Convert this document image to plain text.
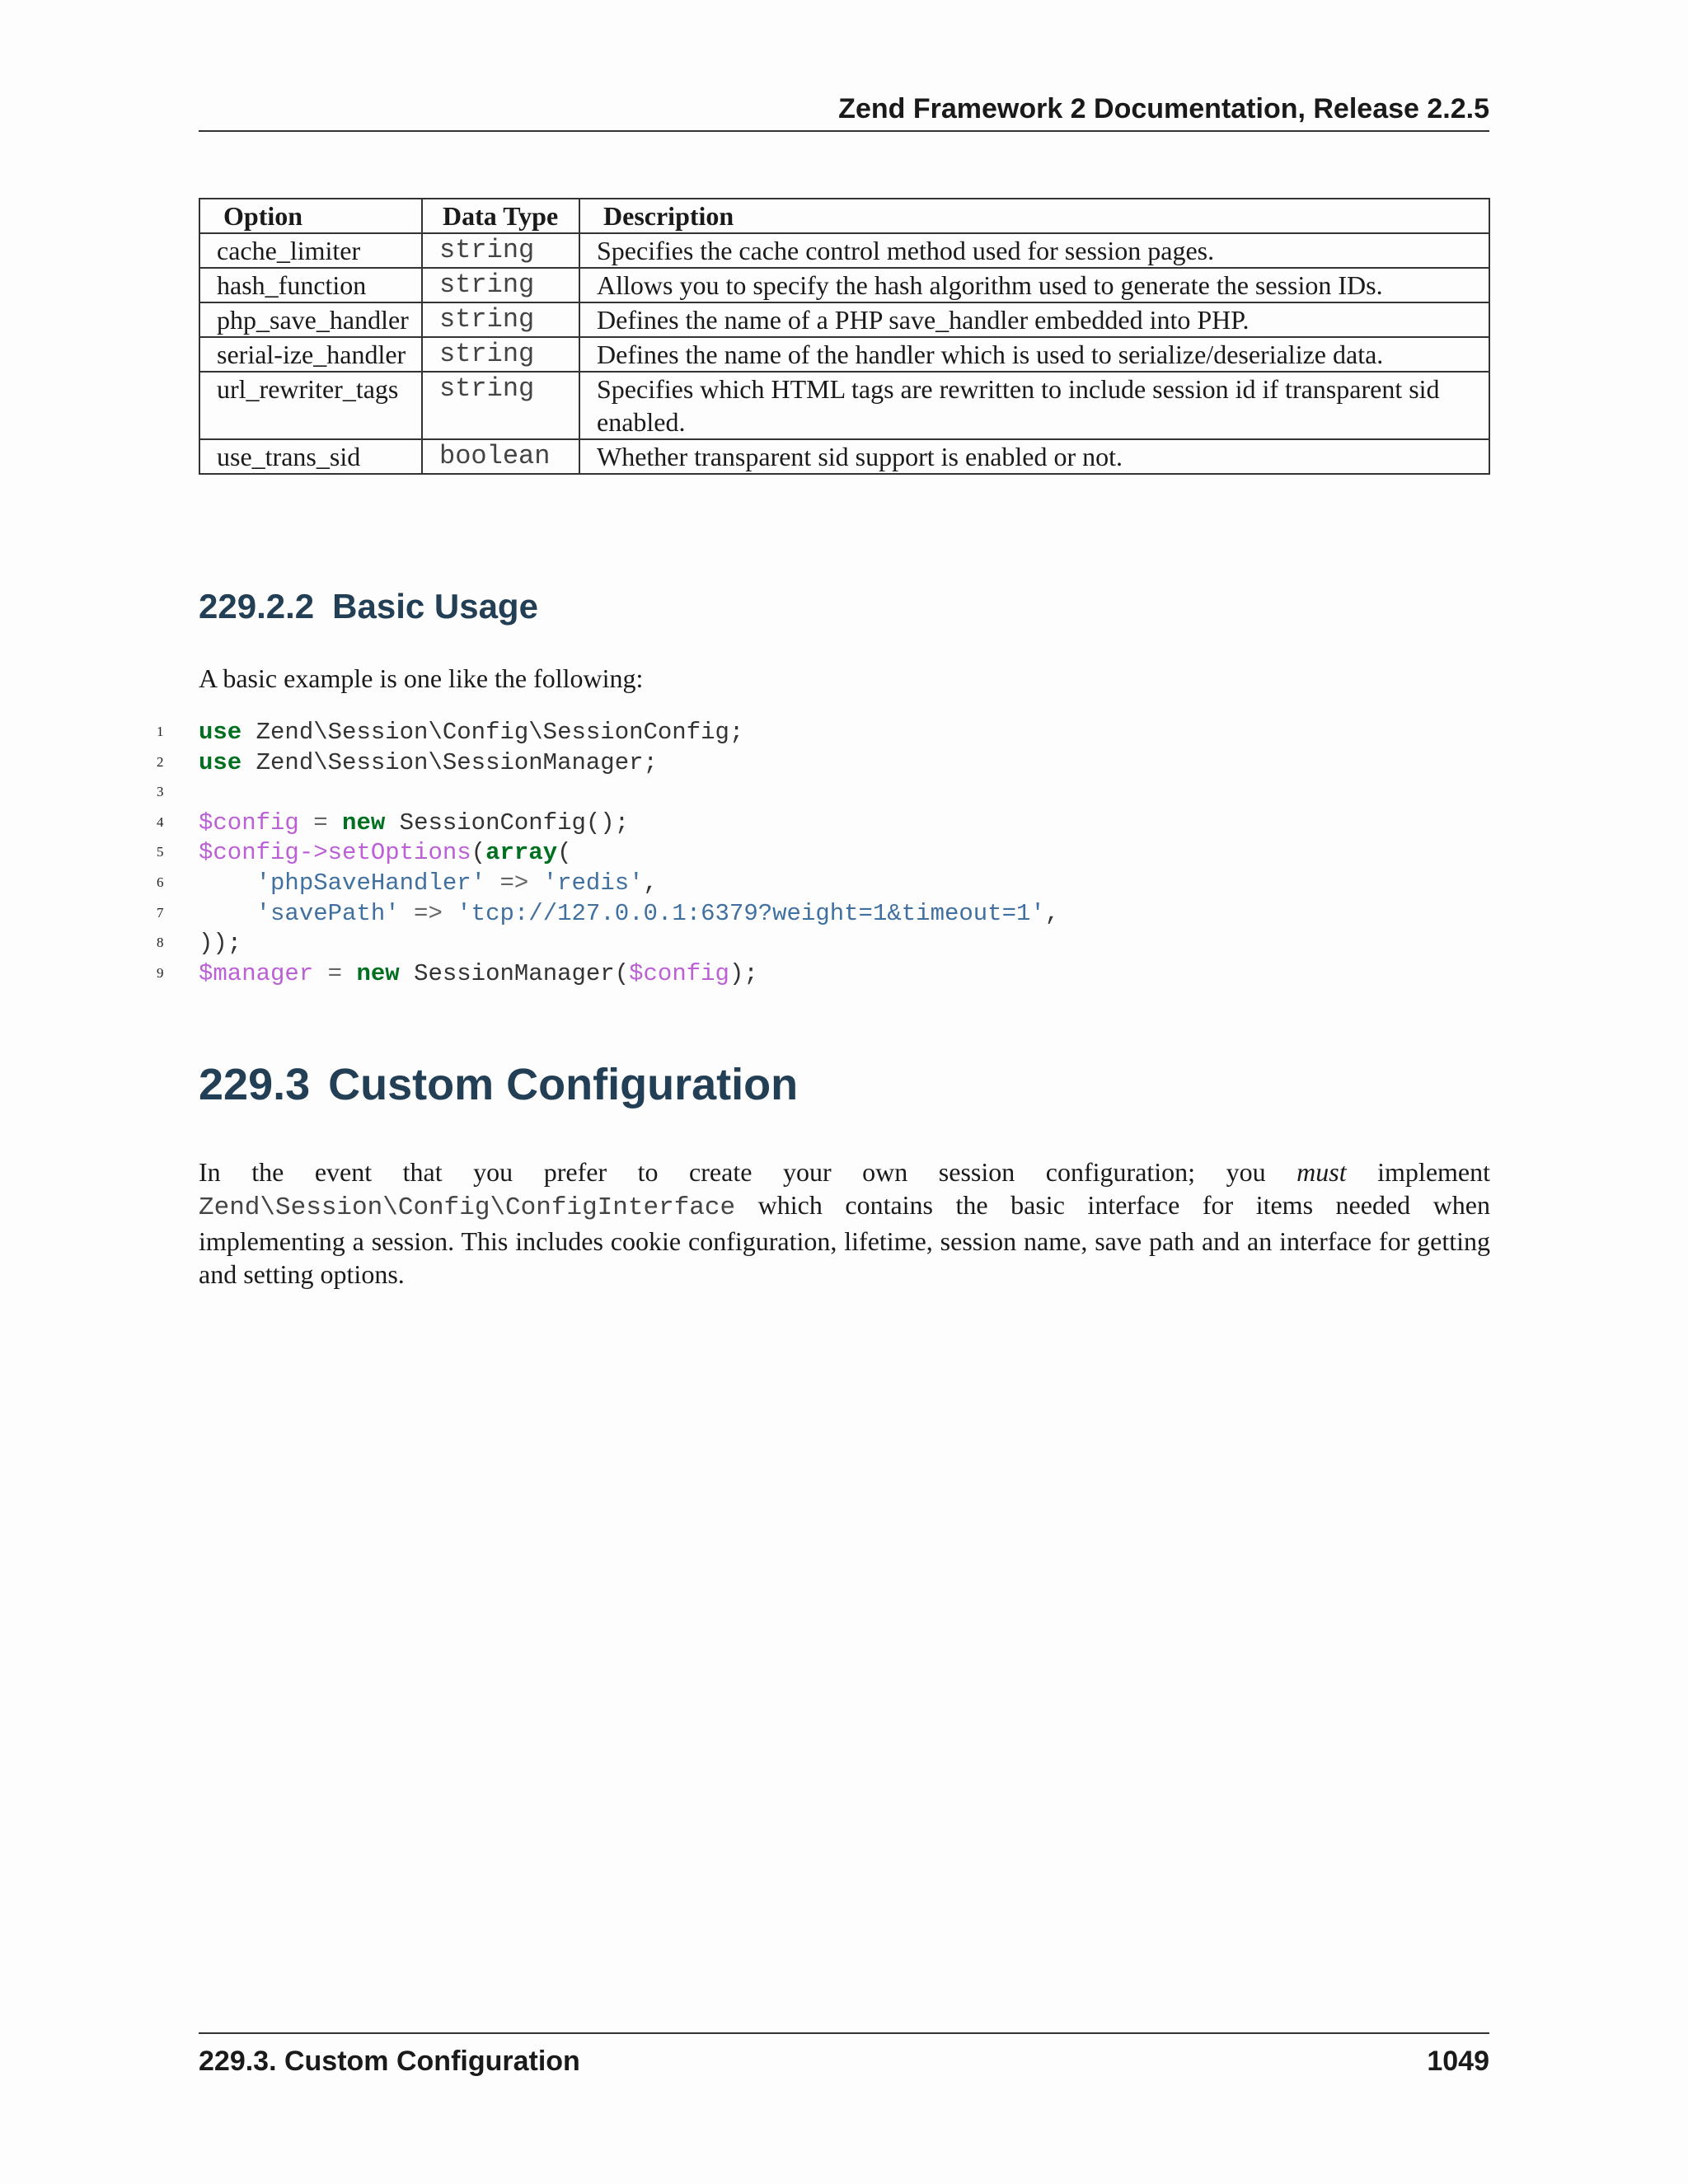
Zend Framework 2 Documentation, Release 2.2.5
Option	Data Type	Description
cache_limiter	string	Specifies the cache control method used for session pages.
hash_function	string	Allows you to specify the hash algorithm used to generate the session IDs.
php_save_handler	string	Defines the name of a PHP save_handler embedded into PHP.
serial-ize_handler	string	Defines the name of the handler which is used to serialize/deserialize data.
url_rewriter_tags	string	Specifies which HTML tags are rewritten to include session id if transparent sid enabled.
use_trans_sid	boolean	Whether transparent sid support is enabled or not.
229.2.2 Basic Usage

A basic example is one like the following:

1 use Zend\Session\Config\SessionConfig;
2 use Zend\Session\SessionManager;
3
4 $config = new SessionConfig();
5 $config->setOptions(array(
6	'phpSaveHandler' => 'redis',
7	'savePath' => 'tcp://127.0.0.1:6379?weight=1&timeout=1',
8 ));
9 $manager = new SessionManager($config);
229.3 Custom Configuration

In the event that you prefer to create your own session configuration; you must implement Zend\Session\Config\ConfigInterface which contains the basic interface for items needed when implementing a session. This includes cookie configuration, lifetime, session name, save path and an interface for getting and setting options.

229.3. Custom Configuration	1049
